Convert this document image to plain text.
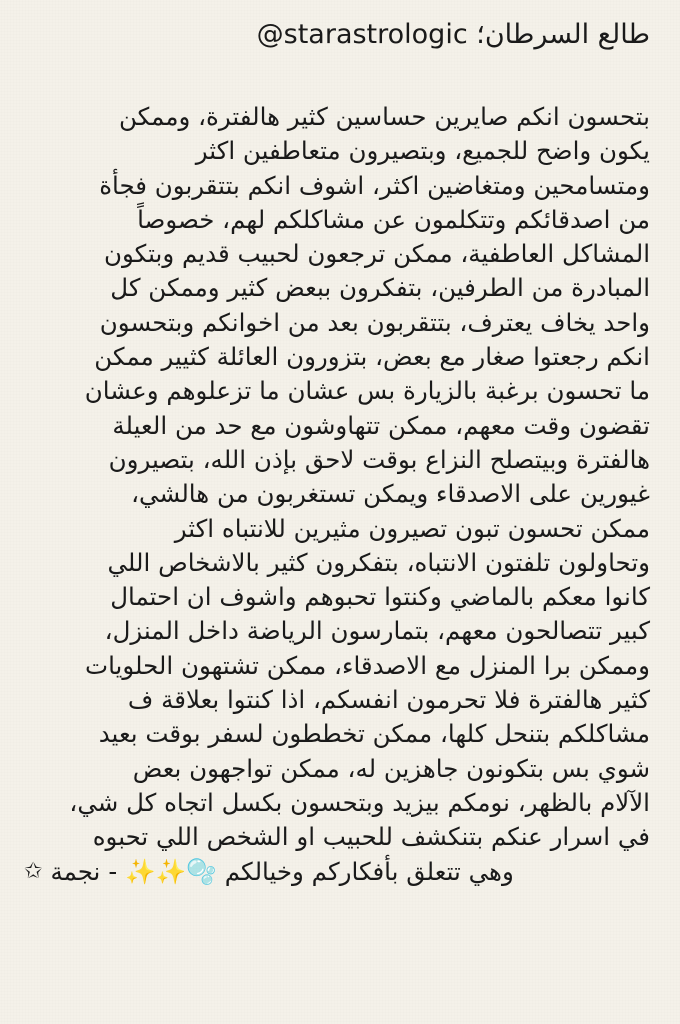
طالع السرطان؛ @starastrologic
بتحسون انكم صايرين حساسين كثير هالفترة، وممكن
يكون واضح للجميع، وبتصيرون متعاطفين اكثر
ومتسامحين ومتغاضين اكثر، اشوف انكم بتتقربون فجأة
من اصدقائكم وتتكلمون عن مشاكلكم لهم، خصوصاً
المشاكل العاطفية، ممكن ترجعون لحبيب قديم وبتكون
المبادرة من الطرفين، بتفكرون ببعض كثير وممكن كل
واحد يخاف يعترف، بتتقربون بعد من اخوانكم وبتحسون
انكم رجعتوا صغار مع بعض، بتزورون العائلة كثيير ممكن
ما تحسون برغبة بالزيارة بس عشان ما تزعلوهم وعشان
تقضون وقت معهم، ممكن تتهاوشون مع حد من العيلة
هالفترة وبيتصلح النزاع بوقت لاحق بإذن الله، بتصيرون
غيورين على الاصدقاء ويمكن تستغربون من هالشي،
ممكن تحسون تبون تصيرون مثيرين للانتباه اكثر
وتحاولون تلفتون الانتباه، بتفكرون كثير بالاشخاص اللي
كانوا معكم بالماضي وكنتوا تحبوهم واشوف ان احتمال
كبير تتصالحون معهم، بتمارسون الرياضة داخل المنزل،
وممكن برا المنزل مع الاصدقاء، ممكن تشتهون الحلويات
كثير هالفترة فلا تحرمون انفسكم، اذا كنتوا بعلاقة ف
مشاكلكم بتنحل كلها، ممكن تخططون لسفر بوقت بعيد
شوي بس بتكونون جاهزين له، ممكن تواجهون بعض
الآلام بالظهر، نومكم بيزيد وبتحسون بكسل اتجاه كل شي،
في اسرار عنكم بتنكشف للحبيب او الشخص اللي تحبوه
وهي تتعلق بأفكاركم وخيالكم
🫧✨✨
-
نجمة
✩
